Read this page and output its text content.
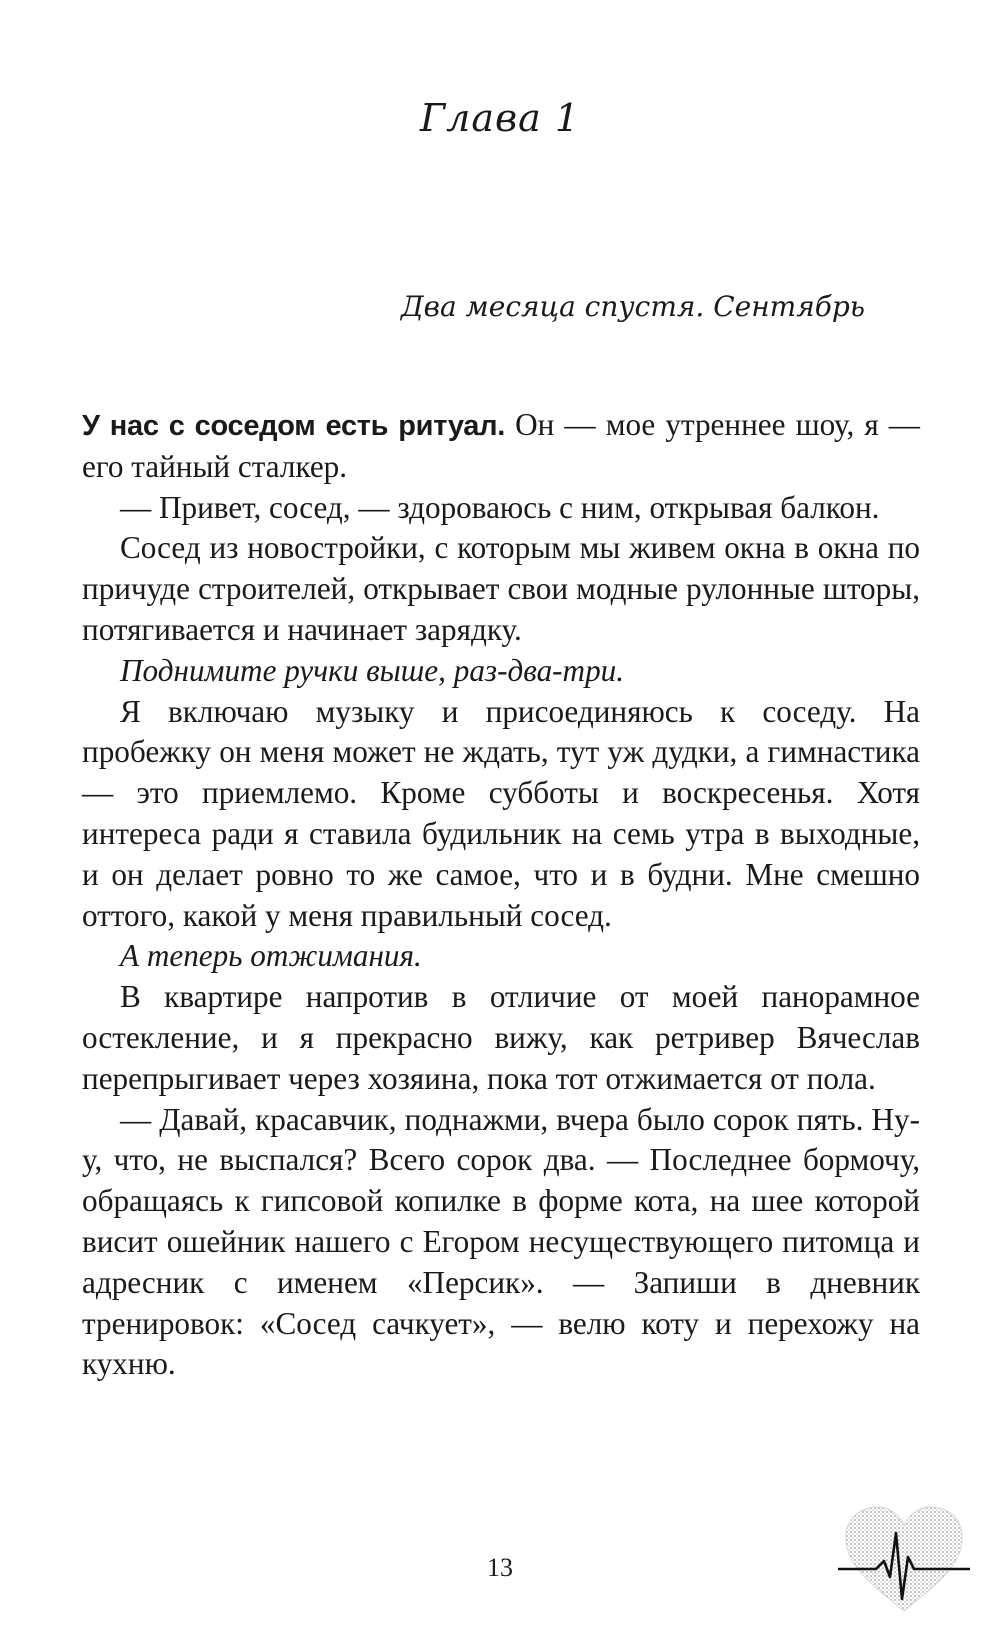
Глава 1

Два месяца спустя. Сентябрь

У нас с соседом есть ритуал. Он — мое утреннее шоу, я — его тайный сталкер.

— Привет, сосед, — здороваюсь с ним, открывая балкон.

Сосед из новостройки, с которым мы живем окна в окна по причуде строителей, открывает свои модные рулонные шторы, потягивается и начинает зарядку.

Поднимите ручки выше, раз-два-три.

Я включаю музыку и присоединяюсь к соседу. На пробежку он меня может не ждать, тут уж дудки, а гимнастика — это приемлемо. Кроме субботы и воскресенья. Хотя интереса ради я ставила будильник на семь утра в выходные, и он делает ровно то же самое, что и в будни. Мне смешно оттого, какой у меня правильный сосед.

А теперь отжимания.

В квартире напротив в отличие от моей панорамное остекление, и я прекрасно вижу, как ретривер Вячеслав перепрыгивает через хозяина, пока тот отжимается от пола.

— Давай, красавчик, поднажми, вчера было сорок пять. Ну-у, что, не выспался? Всего сорок два. — Последнее бормочу, обращаясь к гипсовой копилке в форме кота, на шее которой висит ошейник нашего с Егором несуществующего питомца и адресник с именем «Персик». — Запиши в дневник тренировок: «Сосед сачкует», — велю коту и перехожу на кухню.

13
